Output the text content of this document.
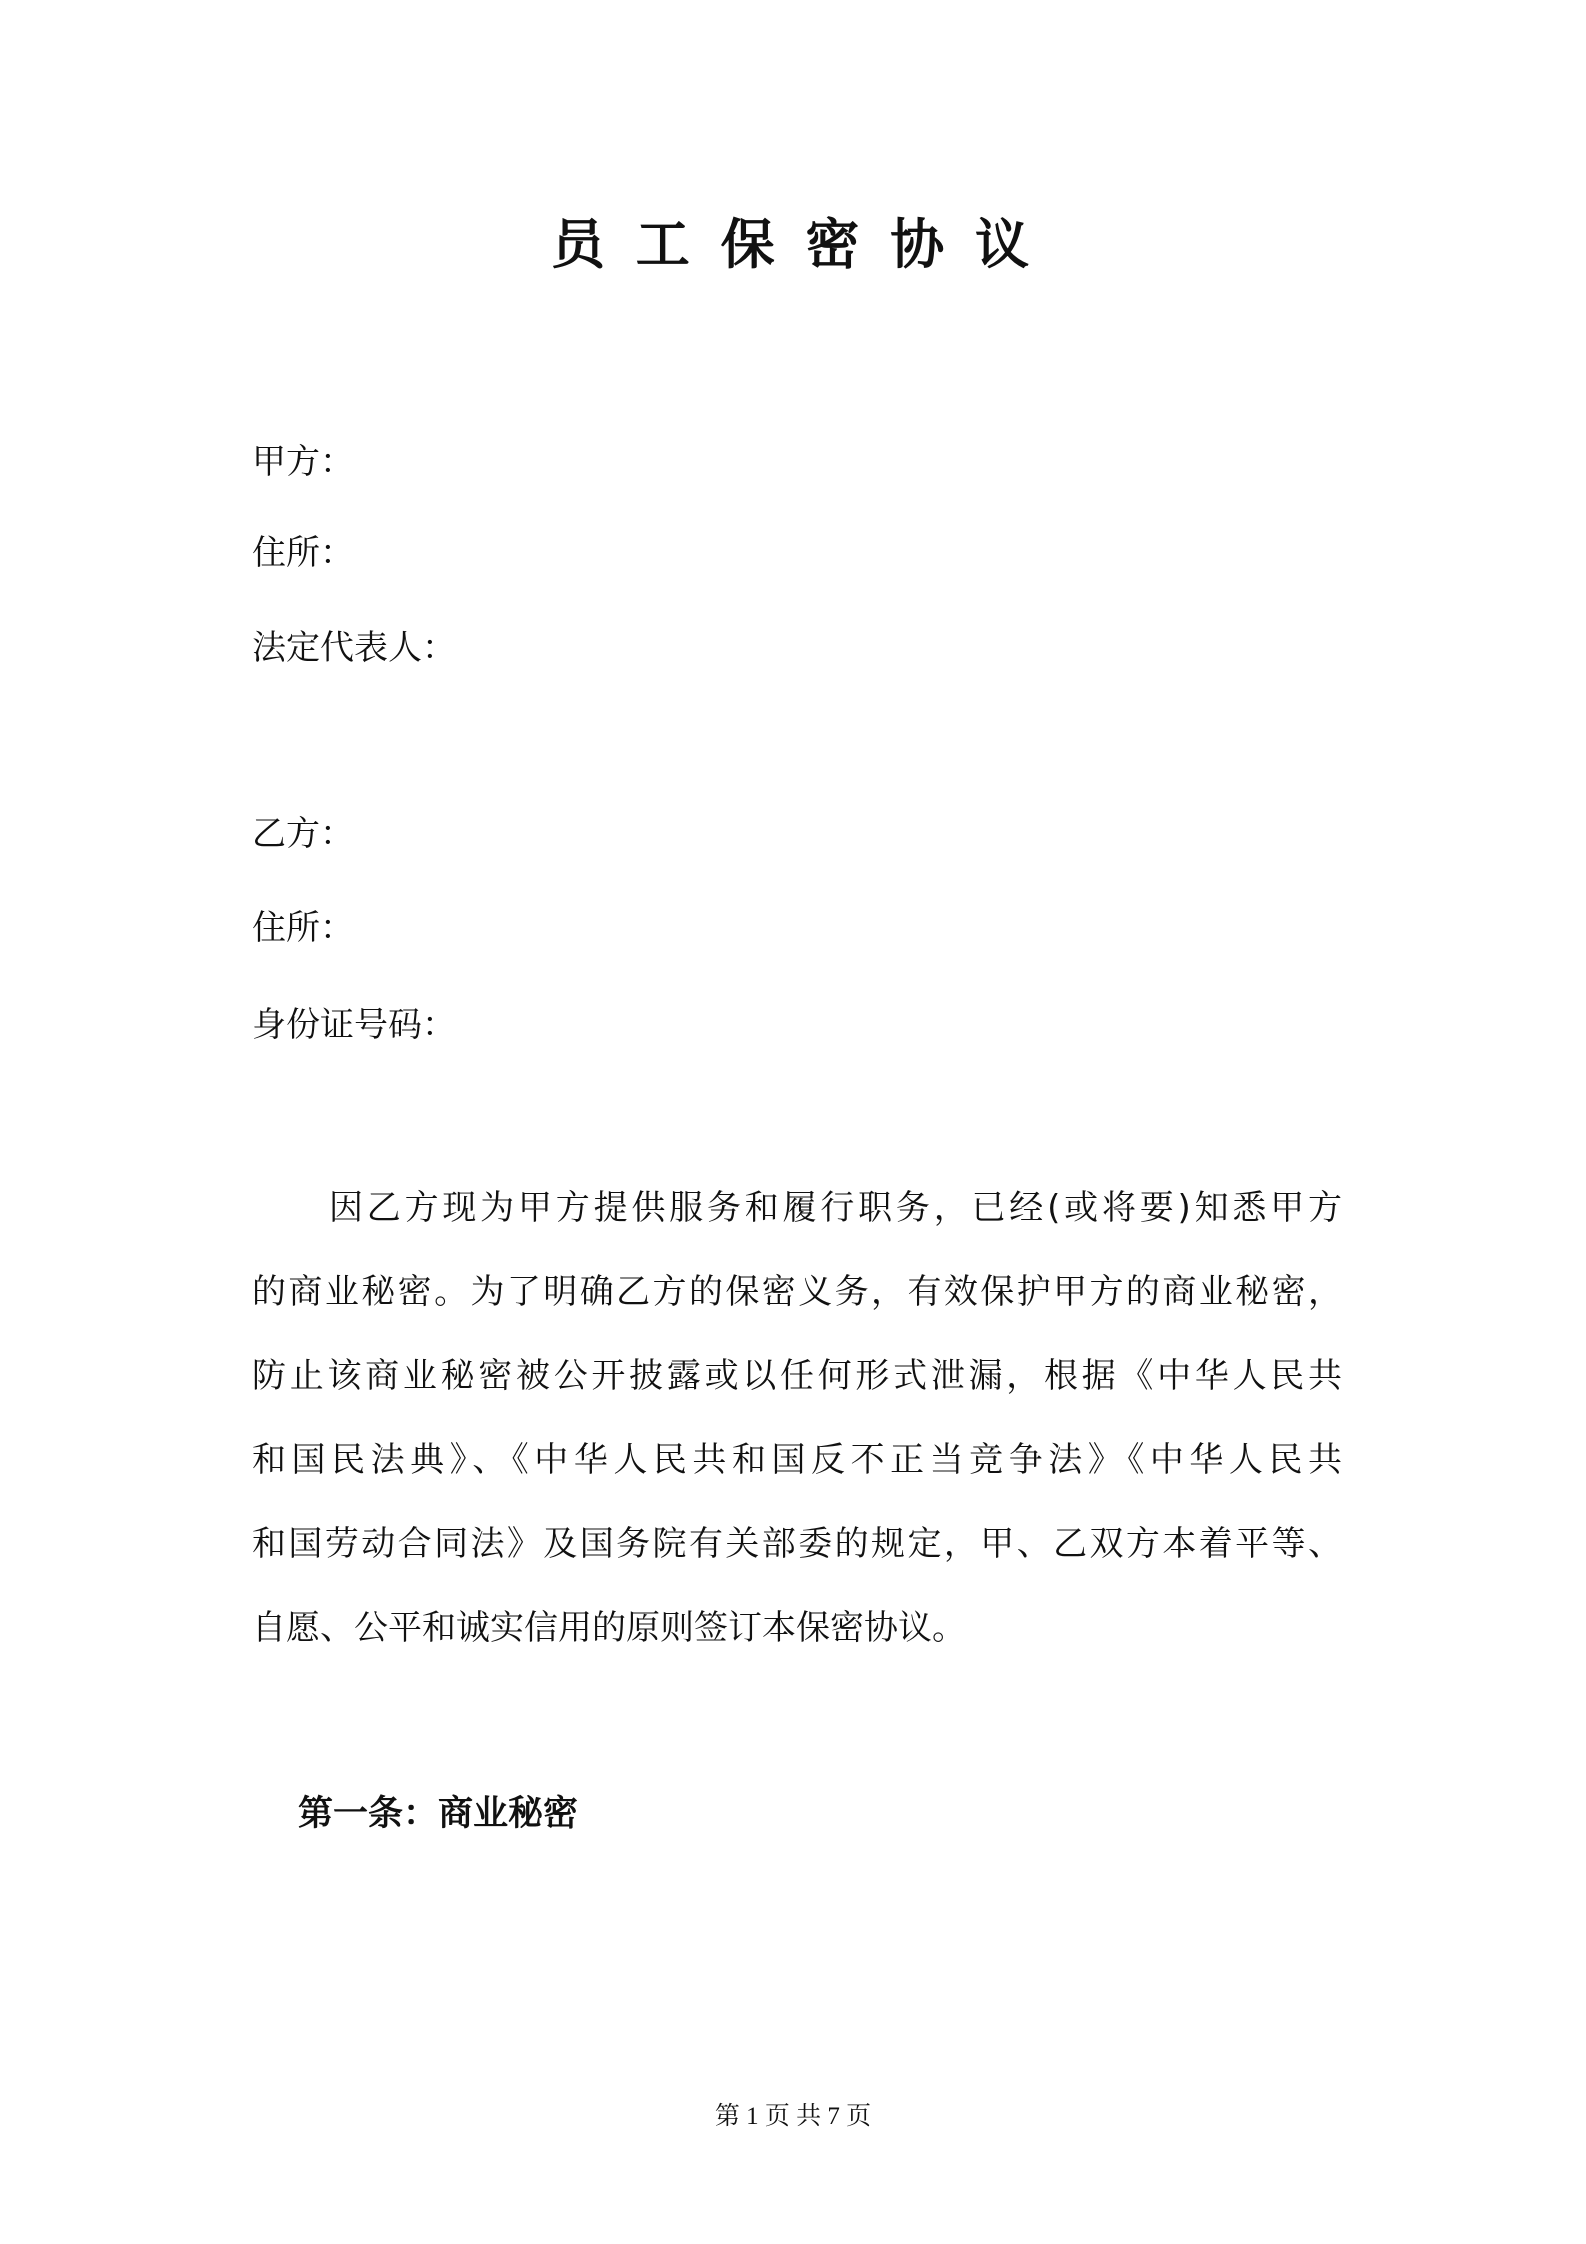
员 工 保 密 协 议
甲方：
住所：
法定代表人：
乙方：
住所：
身份证号码：
因乙方现为甲方提供服务和履行职务，已经(或将要)知悉甲方
的商业秘密。为了明确乙方的保密义务，有效保护甲方的商业秘密，
防止该商业秘密被公开披露或以任何形式泄漏，根据《中华人民共
和国民法典》、《中华人民共和国反不正当竞争法》《中华人民共
和国劳动合同法》及国务院有关部委的规定，甲、乙双方本着平等、
自愿、公平和诚实信用的原则签订本保密协议。
第一条：商业秘密
第 1 页 共 7 页
